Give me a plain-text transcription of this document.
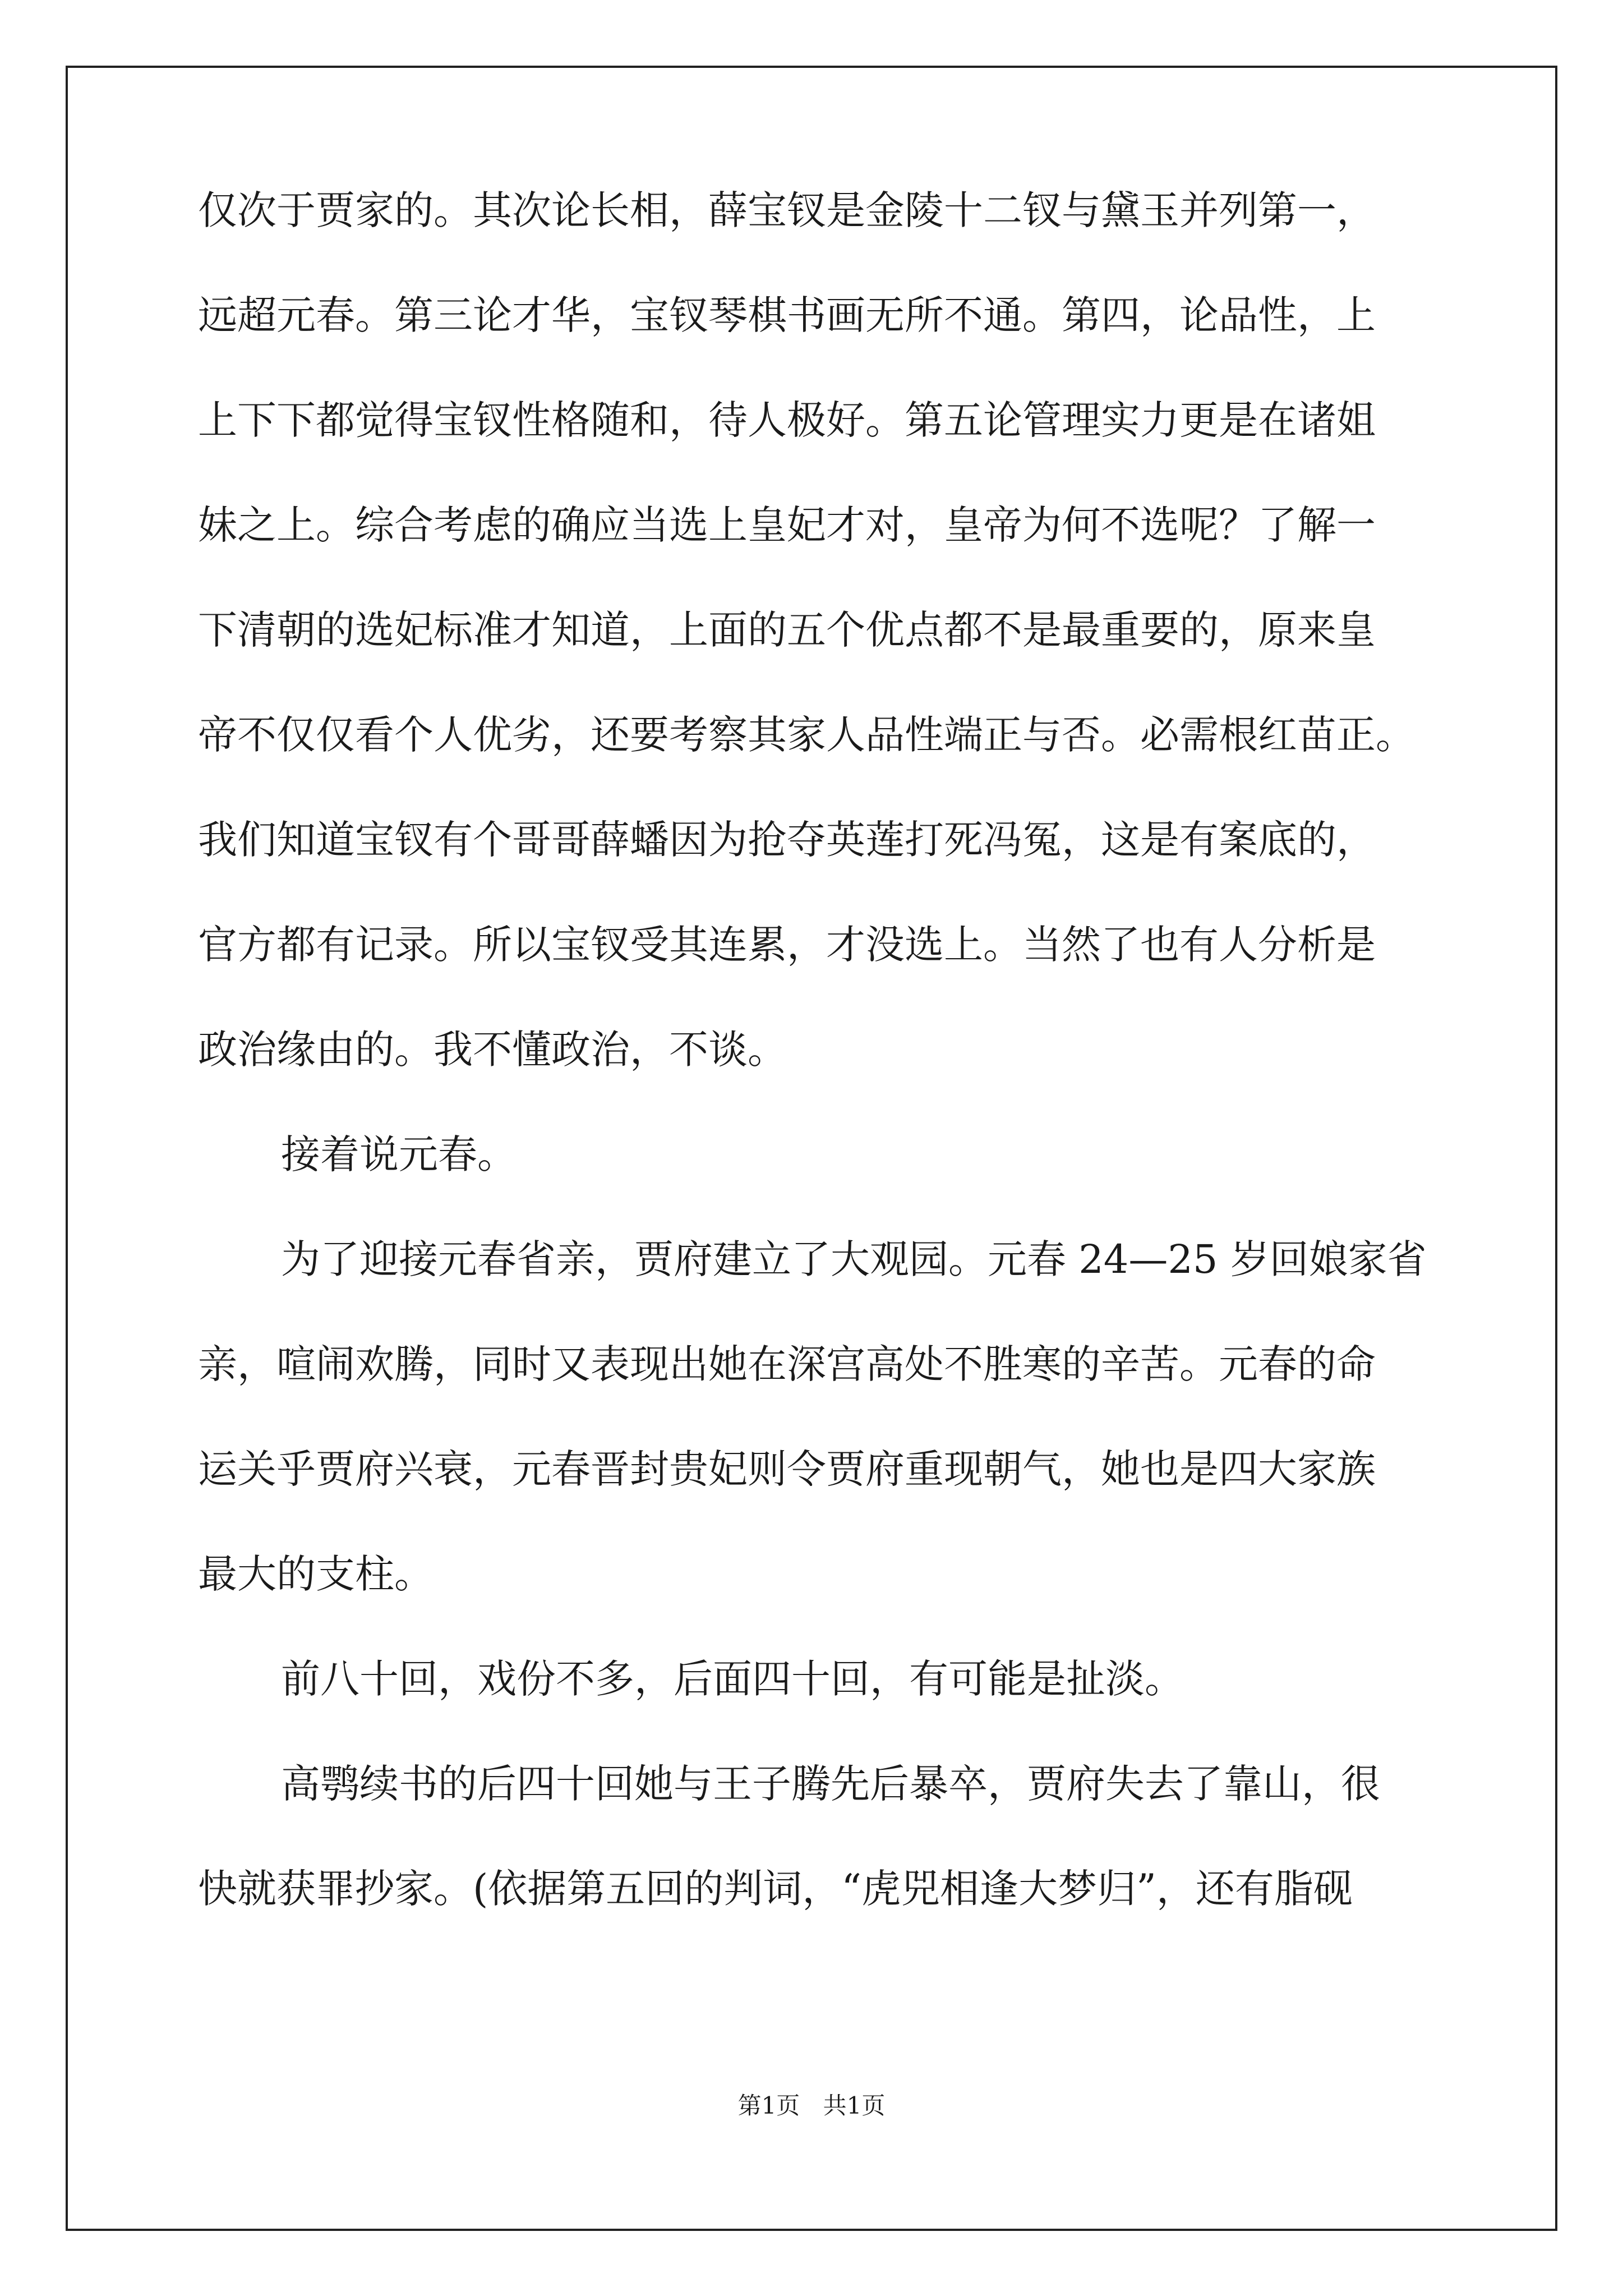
仅次于贾家的。其次论长相，薛宝钗是金陵十二钗与黛玉并列第一，
远超元春。第三论才华，宝钗琴棋书画无所不通。第四，论品性，上
上下下都觉得宝钗性格随和，待人极好。第五论管理实力更是在诸姐
妹之上。综合考虑的确应当选上皇妃才对，皇帝为何不选呢？了解一
下清朝的选妃标准才知道，上面的五个优点都不是最重要的，原来皇
帝不仅仅看个人优劣，还要考察其家人品性端正与否。必需根红苗正。
我们知道宝钗有个哥哥薛蟠因为抢夺英莲打死冯冤，这是有案底的，
官方都有记录。所以宝钗受其连累，才没选上。当然了也有人分析是
政治缘由的。我不懂政治，不谈。
接着说元春。
为了迎接元春省亲，贾府建立了大观园。元春 24—25 岁回娘家省
亲，喧闹欢腾，同时又表现出她在深宫高处不胜寒的辛苦。元春的命
运关乎贾府兴衰，元春晋封贵妃则令贾府重现朝气，她也是四大家族
最大的支柱。
前八十回，戏份不多，后面四十回，有可能是扯淡。
高鹗续书的后四十回她与王子腾先后暴卒，贾府失去了靠山，很
快就获罪抄家。(依据第五回的判词，“虎兕相逢大梦归”，还有脂砚
第1页 共1页
